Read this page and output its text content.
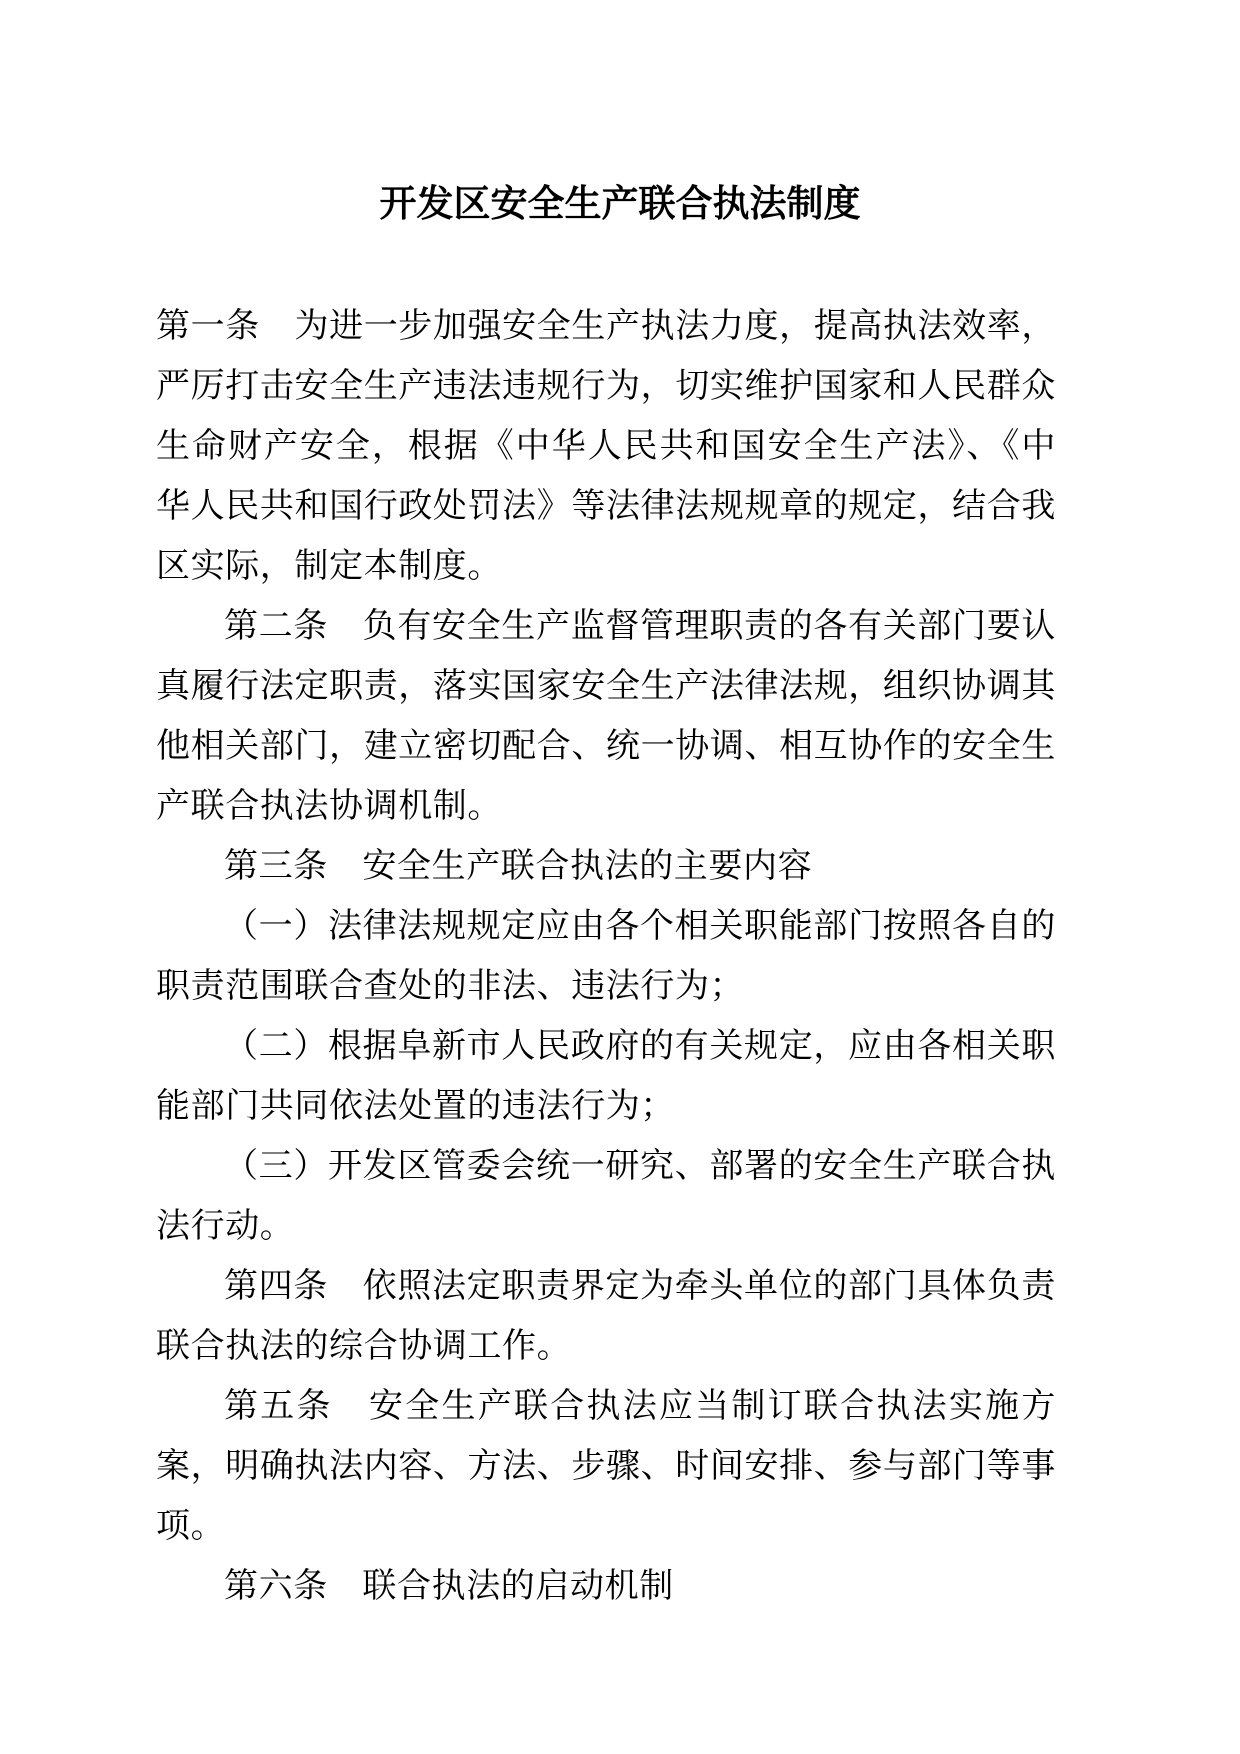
开发区安全生产联合执法制度

第一条　为进一步加强安全生产执法力度，提高执法效率，严厉打击安全生产违法违规行为，切实维护国家和人民群众生命财产安全，根据《中华人民共和国安全生产法》、《中华人民共和国行政处罚法》等法律法规规章的规定，结合我区实际，制定本制度。

第二条　负有安全生产监督管理职责的各有关部门要认真履行法定职责，落实国家安全生产法律法规，组织协调其他相关部门，建立密切配合、统一协调、相互协作的安全生产联合执法协调机制。

第三条　安全生产联合执法的主要内容

（一）法律法规规定应由各个相关职能部门按照各自的职责范围联合查处的非法、违法行为；

（二）根据阜新市人民政府的有关规定，应由各相关职能部门共同依法处置的违法行为；

（三）开发区管委会统一研究、部署的安全生产联合执法行动。

第四条　依照法定职责界定为牵头单位的部门具体负责联合执法的综合协调工作。

第五条　安全生产联合执法应当制订联合执法实施方案，明确执法内容、方法、步骤、时间安排、参与部门等事项。

第六条　联合执法的启动机制
